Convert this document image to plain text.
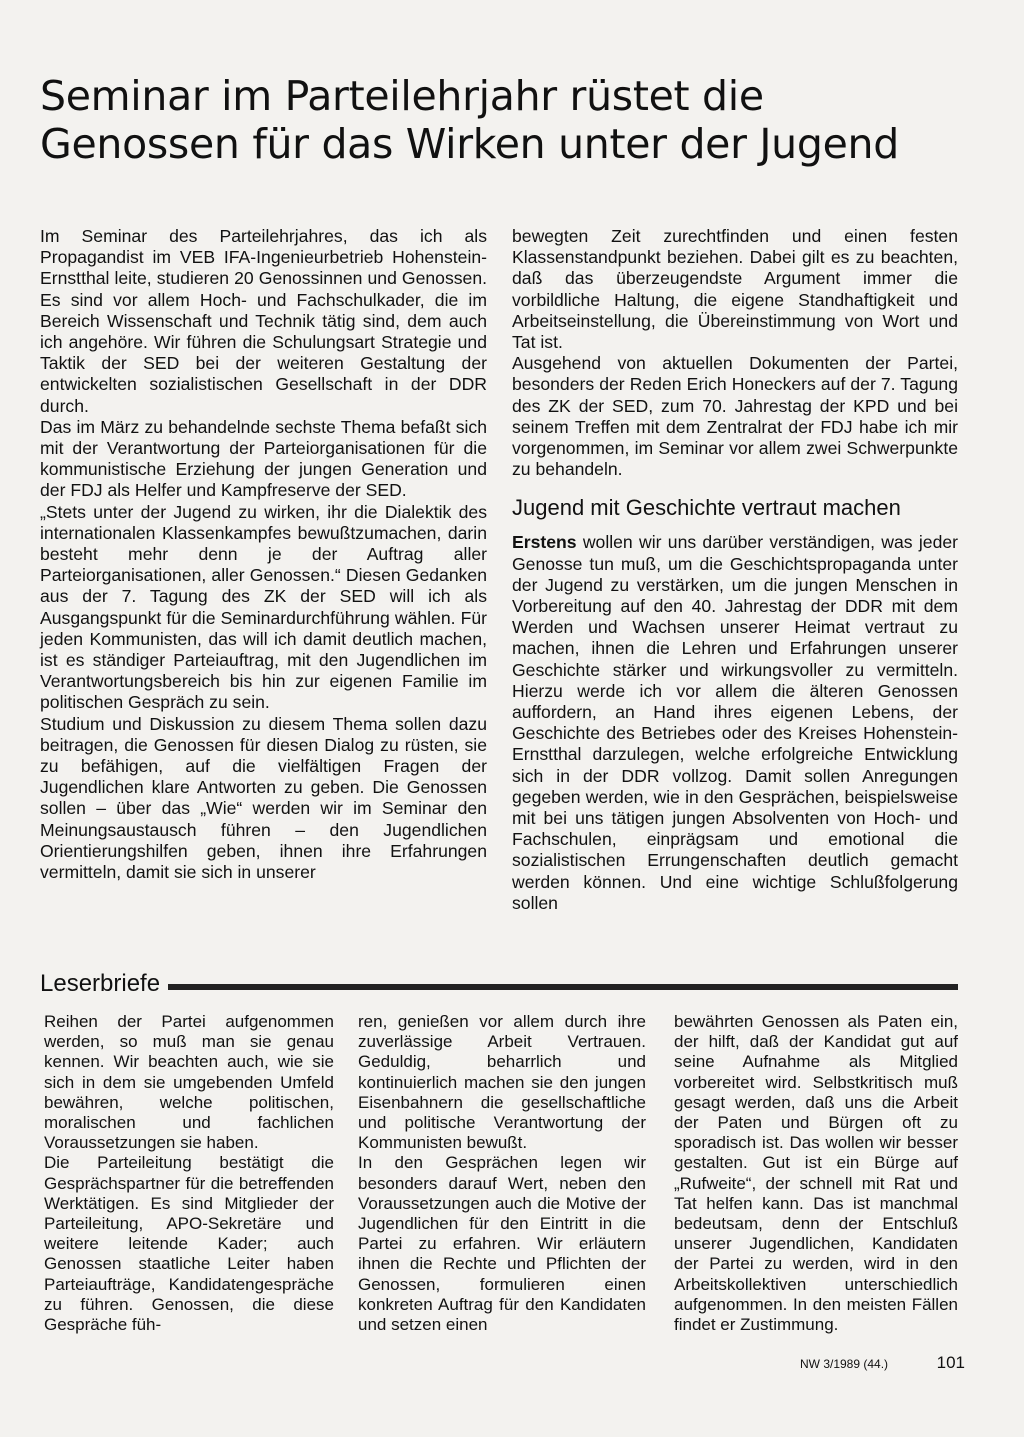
Seminar im Parteilehrjahr rüstet die
Genossen für das Wirken unter der Jugend

Im Seminar des Parteilehrjahres, das ich als Propagandist im VEB IFA-Ingenieurbetrieb Hohenstein-Ernstthal leite, studieren 20 Genossinnen und Genossen. Es sind vor allem Hoch- und Fachschulkader, die im Bereich Wissenschaft und Technik tätig sind, dem auch ich angehöre. Wir führen die Schulungsart Strategie und Taktik der SED bei der weiteren Gestaltung der entwickelten sozialistischen Gesellschaft in der DDR durch.

Das im März zu behandelnde sechste Thema befaßt sich mit der Verantwortung der Parteiorganisationen für die kommunistische Erziehung der jungen Generation und der FDJ als Helfer und Kampfreserve der SED.

„Stets unter der Jugend zu wirken, ihr die Dialektik des internationalen Klassenkampfes bewußtzumachen, darin besteht mehr denn je der Auftrag aller Parteiorganisationen, aller Genossen.“ Diesen Gedanken aus der 7. Tagung des ZK der SED will ich als Ausgangspunkt für die Seminardurchführung wählen. Für jeden Kommunisten, das will ich damit deutlich machen, ist es ständiger Parteiauftrag, mit den Jugendlichen im Verantwortungsbereich bis hin zur eigenen Familie im politischen Gespräch zu sein.

Studium und Diskussion zu diesem Thema sollen dazu beitragen, die Genossen für diesen Dialog zu rüsten, sie zu befähigen, auf die vielfältigen Fragen der Jugendlichen klare Antworten zu geben. Die Genossen sollen – über das „Wie“ werden wir im Seminar den Meinungsaustausch führen – den Jugendlichen Orientierungshilfen geben, ihnen ihre Erfahrungen vermitteln, damit sie sich in unserer

bewegten Zeit zurechtfinden und einen festen Klassenstandpunkt beziehen. Dabei gilt es zu beachten, daß das überzeugendste Argument immer die vorbildliche Haltung, die eigene Standhaftigkeit und Arbeitseinstellung, die Übereinstimmung von Wort und Tat ist.

Ausgehend von aktuellen Dokumenten der Partei, besonders der Reden Erich Honeckers auf der 7. Tagung des ZK der SED, zum 70. Jahrestag der KPD und bei seinem Treffen mit dem Zentralrat der FDJ habe ich mir vorgenommen, im Seminar vor allem zwei Schwerpunkte zu behandeln.

Jugend mit Geschichte vertraut machen

Erstens wollen wir uns darüber verständigen, was jeder Genosse tun muß, um die Geschichtspropaganda unter der Jugend zu verstärken, um die jungen Menschen in Vorbereitung auf den 40. Jahrestag der DDR mit dem Werden und Wachsen unserer Heimat vertraut zu machen, ihnen die Lehren und Erfahrungen unserer Geschichte stärker und wirkungsvoller zu vermitteln. Hierzu werde ich vor allem die älteren Genossen auffordern, an Hand ihres eigenen Lebens, der Geschichte des Betriebes oder des Kreises Hohenstein-Ernstthal darzulegen, welche erfolgreiche Entwicklung sich in der DDR vollzog. Damit sollen Anregungen gegeben werden, wie in den Gesprächen, beispielsweise mit bei uns tätigen jungen Absolventen von Hoch- und Fachschulen, einprägsam und emotional die sozialistischen Errungenschaften deutlich gemacht werden können. Und eine wichtige Schlußfolgerung sollen

Leserbriefe

Reihen der Partei aufgenommen werden, so muß man sie genau kennen. Wir beachten auch, wie sie sich in dem sie umgebenden Umfeld bewähren, welche politischen, moralischen und fachlichen Voraussetzungen sie haben.

Die Parteileitung bestätigt die Gesprächspartner für die betreffenden Werktätigen. Es sind Mitglieder der Parteileitung, APO-Sekretäre und weitere leitende Kader; auch Genossen staatliche Leiter haben Parteiaufträge, Kandidatengespräche zu führen. Genossen, die diese Gespräche füh-

ren, genießen vor allem durch ihre zuverlässige Arbeit Vertrauen. Geduldig, beharrlich und kontinuierlich machen sie den jungen Eisenbahnern die gesellschaftliche und politische Verantwortung der Kommunisten bewußt.

In den Gesprächen legen wir besonders darauf Wert, neben den Voraussetzungen auch die Motive der Jugendlichen für den Eintritt in die Partei zu erfahren. Wir erläutern ihnen die Rechte und Pflichten der Genossen, formulieren einen konkreten Auftrag für den Kandidaten und setzen einen

bewährten Genossen als Paten ein, der hilft, daß der Kandidat gut auf seine Aufnahme als Mitglied vorbereitet wird. Selbstkritisch muß gesagt werden, daß uns die Arbeit der Paten und Bürgen oft zu sporadisch ist. Das wollen wir besser gestalten. Gut ist ein Bürge auf „Rufweite“, der schnell mit Rat und Tat helfen kann. Das ist manchmal bedeutsam, denn der Entschluß unserer Jugendlichen, Kandidaten der Partei zu werden, wird in den Arbeitskollektiven unterschiedlich aufgenommen. In den meisten Fällen findet er Zustimmung.

NW 3/1989 (44.)	101
